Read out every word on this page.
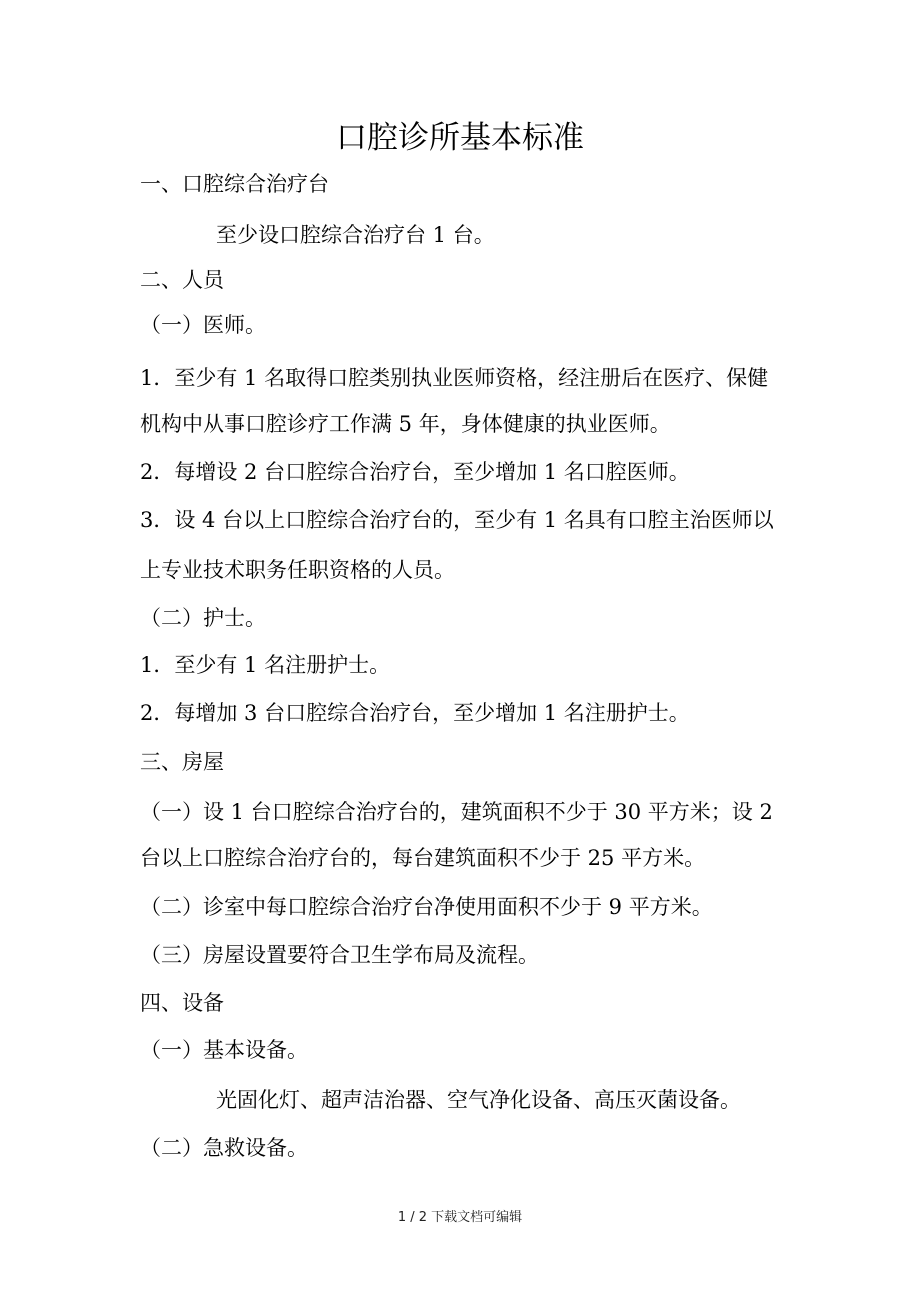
口腔诊所基本标准
一、口腔综合治疗台
至少设口腔综合治疗台 1 台。
二、人员
（一）医师。
1．至少有 1 名取得口腔类别执业医师资格，经注册后在医疗、保健
机构中从事口腔诊疗工作满 5 年，身体健康的执业医师。
2．每增设 2 台口腔综合治疗台，至少增加 1 名口腔医师。
3．设 4 台以上口腔综合治疗台的，至少有 1 名具有口腔主治医师以
上专业技术职务任职资格的人员。
（二）护士。
1．至少有 1 名注册护士。
2．每增加 3 台口腔综合治疗台，至少增加 1 名注册护士。
三、房屋
（一）设 1 台口腔综合治疗台的，建筑面积不少于 30 平方米；设 2
台以上口腔综合治疗台的，每台建筑面积不少于 25 平方米。
（二）诊室中每口腔综合治疗台净使用面积不少于 9 平方米。
（三）房屋设置要符合卫生学布局及流程。
四、设备
（一）基本设备。
光固化灯、超声洁治器、空气净化设备、高压灭菌设备。
（二）急救设备。
1 / 2 下载文档可编辑
